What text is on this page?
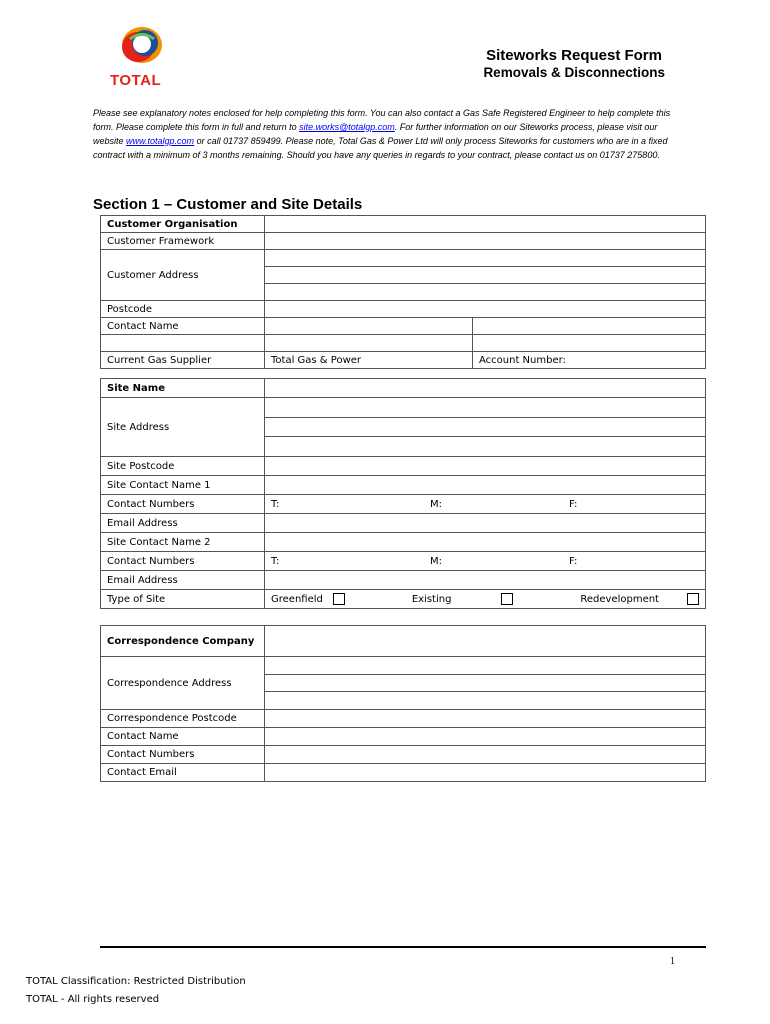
TOTAL
Siteworks Request Form
Removals & Disconnections
Please see explanatory notes enclosed for help completing this form. You can also contact a Gas Safe Registered Engineer to help complete this form. Please complete this form in full and return to site.works@totalgp.com. For further information on our Siteworks process, please visit our website www.totalgp.com or call 01737 859499. Please note, Total Gas & Power Ltd will only process Siteworks for customers who are in a fixed contract with a minimum of 3 months remaining. Should you have any queries in regards to your contract, please contact us on 01737 275800.
Section 1 – Customer and Site Details
Customer Organisation		
Customer Framework		
Customer Address		

Postcode		
Contact Name		

Current Gas Supplier	Total Gas & Power	Account Number:
Site Name	
Site Address	

Site Postcode	
Site Contact Name 1	
Contact Numbers	T: M: F:

Email Address	
Site Contact Name 2	
Contact Numbers	T: M: F:

Email Address	
Type of Site	Greenfield Existing Redevelopment
Correspondence Company	
Correspondence Address	

Correspondence Postcode	
Contact Name	
Contact Numbers	
Contact Email	
1
TOTAL Classification: Restricted Distribution
TOTAL - All rights reserved
